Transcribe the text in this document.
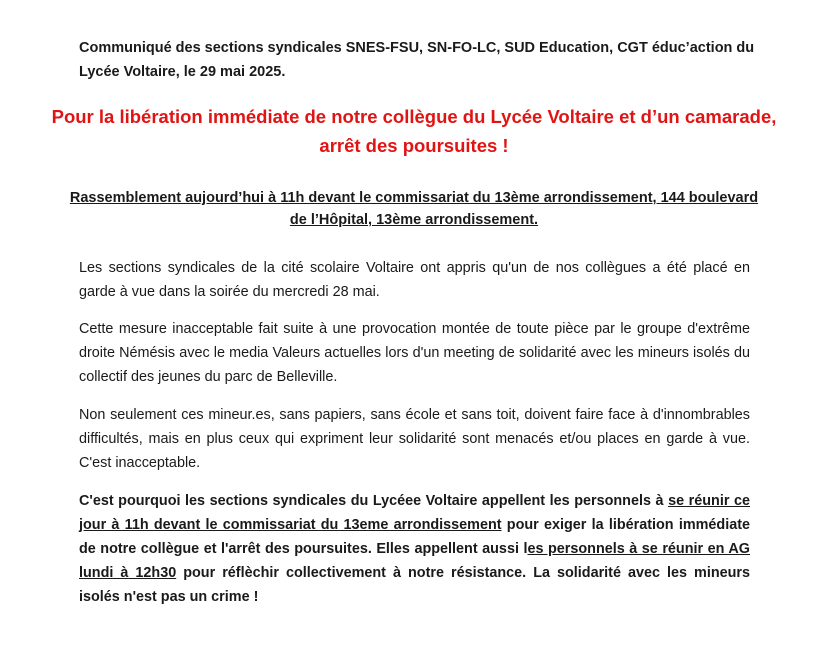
Communiqué des sections syndicales SNES-FSU, SN-FO-LC, SUD Education, CGT éduc’action du Lycée Voltaire, le 29 mai 2025.
Pour la libération immédiate de notre collègue du Lycée Voltaire et d’un camarade, arrêt des poursuites !
Rassemblement aujourd’hui à 11h devant le commissariat du 13ème arrondissement, 144 boulevard de l’Hôpital, 13ème arrondissement.

Les sections syndicales de la cité scolaire Voltaire ont appris qu'un de nos collègues a été placé en garde à vue dans la soirée du mercredi 28 mai.

Cette mesure inacceptable fait suite à une provocation montée de toute pièce par le groupe d'extrême droite Némésis avec le media Valeurs actuelles lors d'un meeting de solidarité avec les mineurs isolés du collectif des jeunes du parc de Belleville.

Non seulement ces mineur.es, sans papiers, sans école et sans toit, doivent faire face à d'innombrables difficultés, mais en plus ceux qui expriment leur solidarité sont menacés et/ou places en garde à vue. C'est inacceptable.

C'est pourquoi les sections syndicales du Lycéee Voltaire appellent les personnels à se réunir ce jour à 11h devant le commissariat du 13eme arrondissement pour exiger la libération immédiate de notre collègue et l'arrêt des poursuites. Elles appellent aussi les personnels à se réunir en AG lundi à 12h30 pour réflèchir collectivement à notre résistance. La solidarité avec les mineurs isolés n'est pas un crime !
